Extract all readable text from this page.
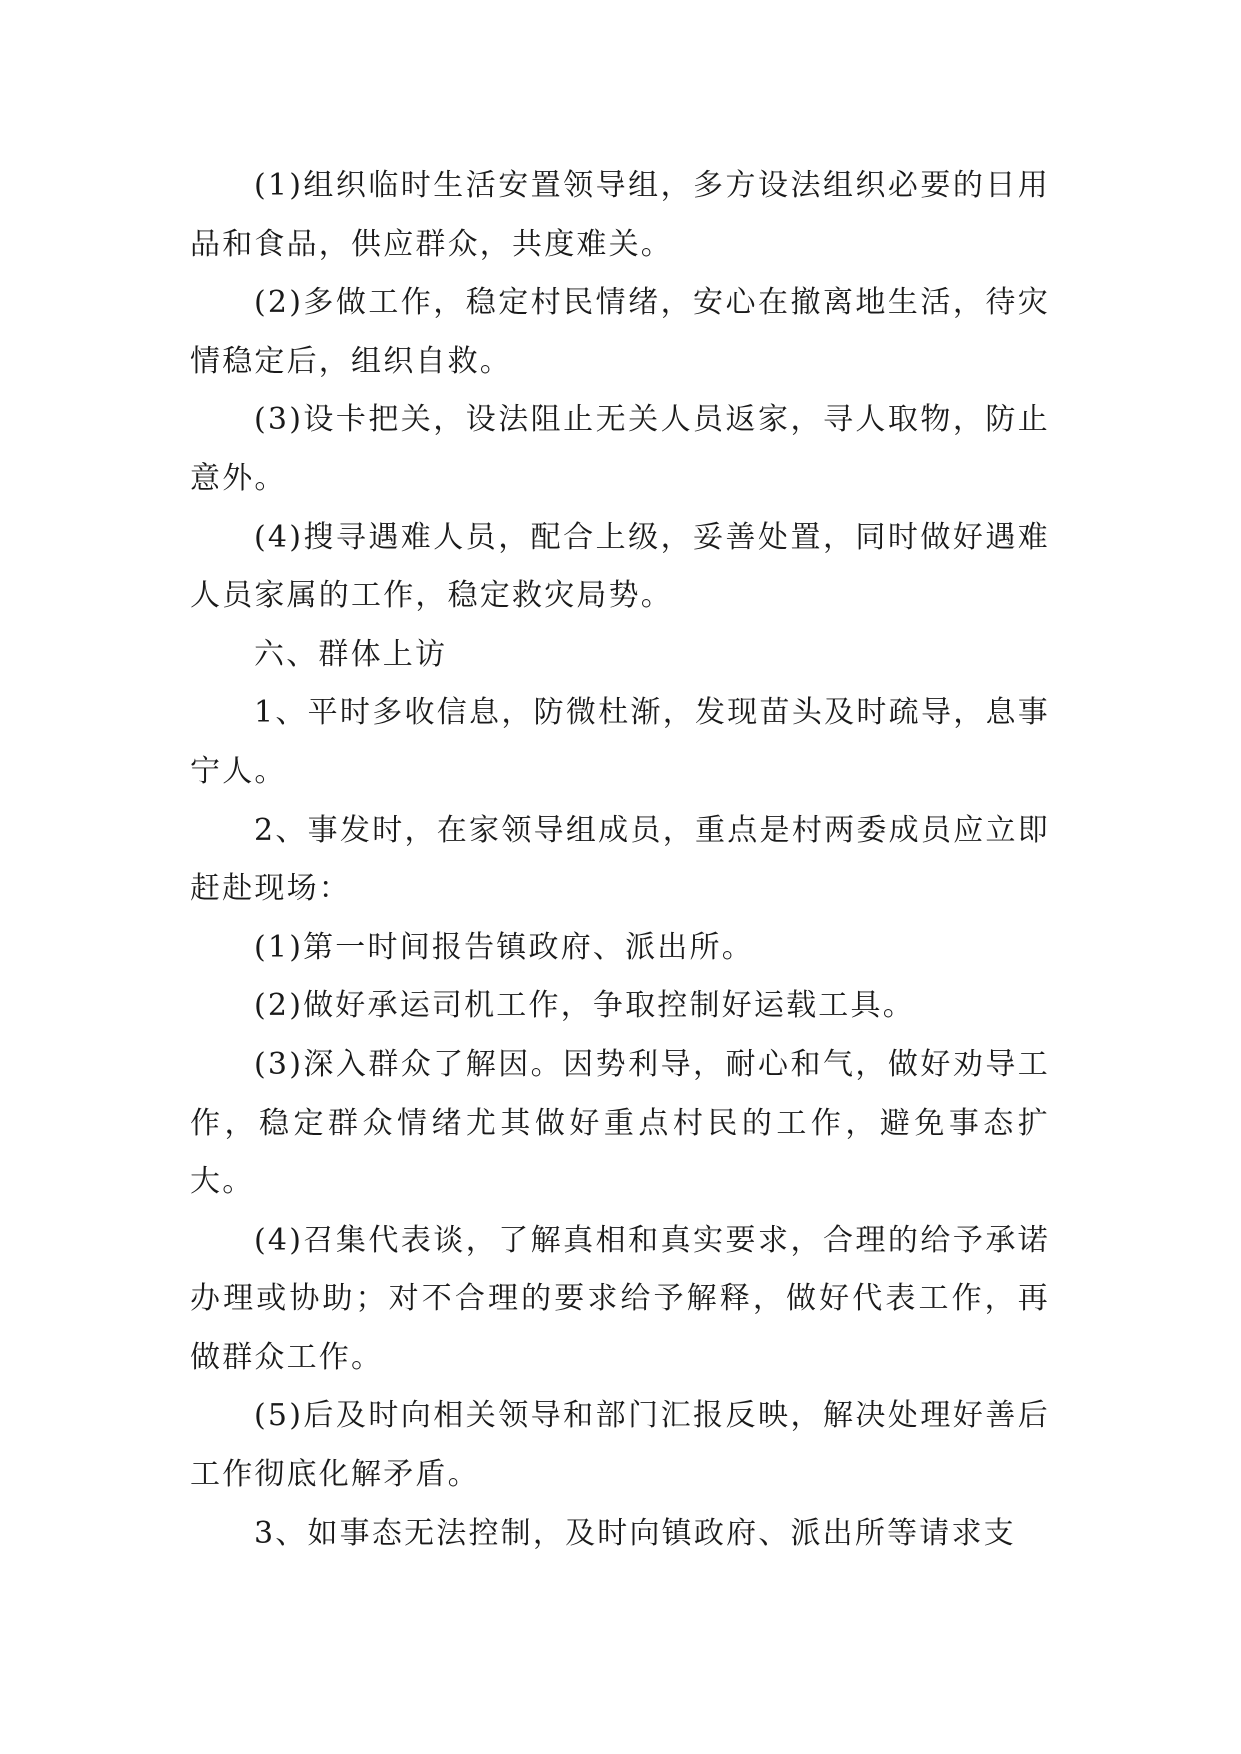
(1)组织临时生活安置领导组，多方设法组织必要的日用品和食品，供应群众，共度难关。

(2)多做工作，稳定村民情绪，安心在撤离地生活，待灾情稳定后，组织自救。

(3)设卡把关，设法阻止无关人员返家，寻人取物，防止意外。

(4)搜寻遇难人员，配合上级，妥善处置，同时做好遇难人员家属的工作，稳定救灾局势。

六、群体上访

1、平时多收信息，防微杜渐，发现苗头及时疏导，息事宁人。

2、事发时，在家领导组成员，重点是村两委成员应立即赶赴现场：

(1)第一时间报告镇政府、派出所。

(2)做好承运司机工作，争取控制好运载工具。

(3)深入群众了解因。因势利导，耐心和气，做好劝导工作，稳定群众情绪尤其做好重点村民的工作，避免事态扩大。

(4)召集代表谈，了解真相和真实要求，合理的给予承诺办理或协助；对不合理的要求给予解释，做好代表工作，再做群众工作。

(5)后及时向相关领导和部门汇报反映，解决处理好善后工作彻底化解矛盾。

3、如事态无法控制，及时向镇政府、派出所等请求支
